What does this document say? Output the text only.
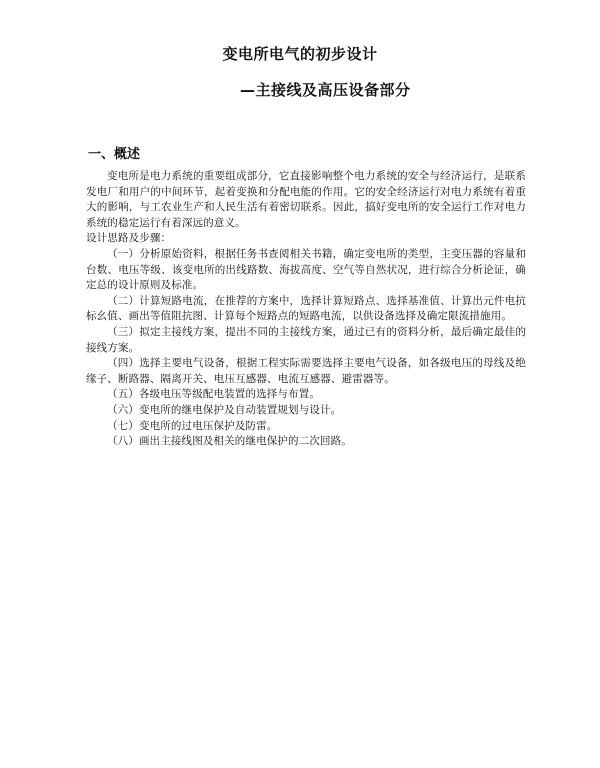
变电所电气的初步设计
—主接线及高压设备部分
一、概述

变电所是电力系统的重要组成部分，它直接影响整个电力系统的安全与经济运行，是联系发电厂和用户的中间环节，起着变换和分配电能的作用。它的安全经济运行对电力系统有着重大的影响，与工农业生产和人民生活有着密切联系。因此，搞好变电所的安全运行工作对电力系统的稳定运行有着深远的意义。

设计思路及步骤：

（一）分析原始资料，根据任务书查阅相关书籍，确定变电所的类型，主变压器的容量和台数、电压等级、该变电所的出线路数、海拔高度、空气等自然状况，进行综合分析论证，确定总的设计原则及标准。

（二）计算短路电流，在推荐的方案中，选择计算短路点、选择基准值、计算出元件电抗标幺值、画出等值阻抗图、计算每个短路点的短路电流，以供设备选择及确定限流措施用。

（三）拟定主接线方案，提出不同的主接线方案，通过已有的资料分析，最后确定最佳的接线方案。

（四）选择主要电气设备，根据工程实际需要选择主要电气设备，如各级电压的母线及绝缘子、断路器、隔离开关、电压互感器、电流互感器、避雷器等。

（五）各级电压等级配电装置的选择与布置。

（六）变电所的继电保护及自动装置规划与设计。

（七）变电所的过电压保护及防雷。

（八）画出主接线图及相关的继电保护的二次回路。
